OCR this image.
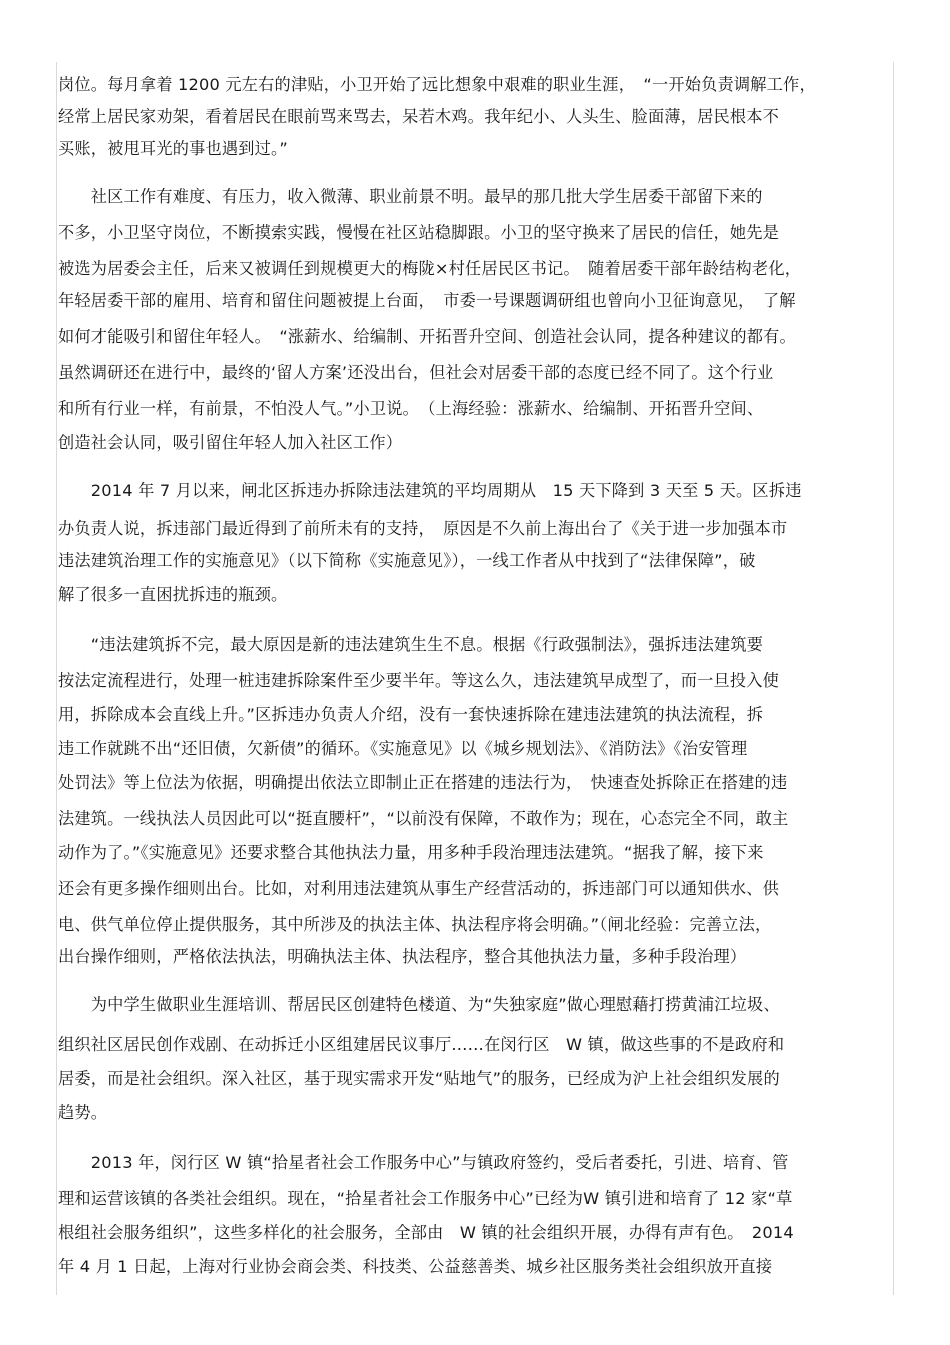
岗位。每月拿着 1200 元左右的津贴，小卫开始了远比想象中艰难的职业生涯，　“一开始负责调解工作，
经常上居民家劝架，看着居民在眼前骂来骂去，呆若木鸡。我年纪小、人头生、脸面薄，居民根本不
买账，被甩耳光的事也遇到过。”
　　社区工作有难度、有压力，收入微薄、职业前景不明。最早的那几批大学生居委干部留下来的
不多，小卫坚守岗位，不断摸索实践，慢慢在社区站稳脚跟。小卫的坚守换来了居民的信任，她先是
被选为居委会主任，后来又被调任到规模更大的梅陇×村任居民区书记。　随着居委干部年龄结构老化，
年轻居委干部的雇用、培育和留住问题被提上台面，　市委一号课题调研组也曾向小卫征询意见，　了解
如何才能吸引和留住年轻人。　“涨薪水、给编制、开拓晋升空间、创造社会认同，提各种建议的都有。
虽然调研还在进行中，最终的‘留人方案’还没出台，但社会对居委干部的态度已经不同了。这个行业
和所有行业一样，有前景，不怕没人气。”小卫说。　（上海经验：涨薪水、给编制、开拓晋升空间、
创造社会认同，吸引留住年轻人加入社区工作）
　　2014 年 7 月以来，闸北区拆违办拆除违法建筑的平均周期从　15 天下降到 3 天至 5 天。区拆违
办负责人说，拆违部门最近得到了前所未有的支持，　原因是不久前上海出台了《关于进一步加强本市
违法建筑治理工作的实施意见》（以下简称《实施意见》），一线工作者从中找到了“法律保障”，破
解了很多一直困扰拆违的瓶颈。
　　“违法建筑拆不完，最大原因是新的违法建筑生生不息。根据《行政强制法》，强拆违法建筑要
按法定流程进行，处理一桩违建拆除案件至少要半年。等这么久，违法建筑早成型了，而一旦投入使
用，拆除成本会直线上升。”区拆违办负责人介绍，没有一套快速拆除在建违法建筑的执法流程，拆
违工作就跳不出“还旧债，欠新债”的循环。《实施意见》以《城乡规划法》、《消防法》《治安管理
处罚法》等上位法为依据，明确提出依法立即制止正在搭建的违法行为，　快速查处拆除正在搭建的违
法建筑。一线执法人员因此可以“挺直腰杆”，“以前没有保障，不敢作为；现在，心态完全不同，敢主
动作为了。”《实施意见》还要求整合其他执法力量，用多种手段治理违法建筑。“据我了解，接下来
还会有更多操作细则出台。比如，对利用违法建筑从事生产经营活动的，拆违部门可以通知供水、供
电、供气单位停止提供服务，其中所涉及的执法主体、执法程序将会明确。”（闸北经验：完善立法，
出台操作细则，严格依法执法，明确执法主体、执法程序，整合其他执法力量，多种手段治理）
　　为中学生做职业生涯培训、帮居民区创建特色楼道、为“失独家庭”做心理慰藉打捞黄浦江垃圾、
组织社区居民创作戏剧、在动拆迁小区组建居民议事厅……在闵行区　W 镇，做这些事的不是政府和
居委，而是社会组织。深入社区，基于现实需求开发“贴地气”的服务，已经成为沪上社会组织发展的
趋势。
　　2013 年，闵行区 W 镇“拾星者社会工作服务中心”与镇政府签约，受后者委托，引进、培育、管
理和运营该镇的各类社会组织。现在，“拾星者社会工作服务中心”已经为W 镇引进和培育了 12 家“草
根组社会服务组织”，这些多样化的社会服务，全部由　W 镇的社会组织开展，办得有声有色。　2014
年 4 月 1 日起，上海对行业协会商会类、科技类、公益慈善类、城乡社区服务类社会组织放开直接
